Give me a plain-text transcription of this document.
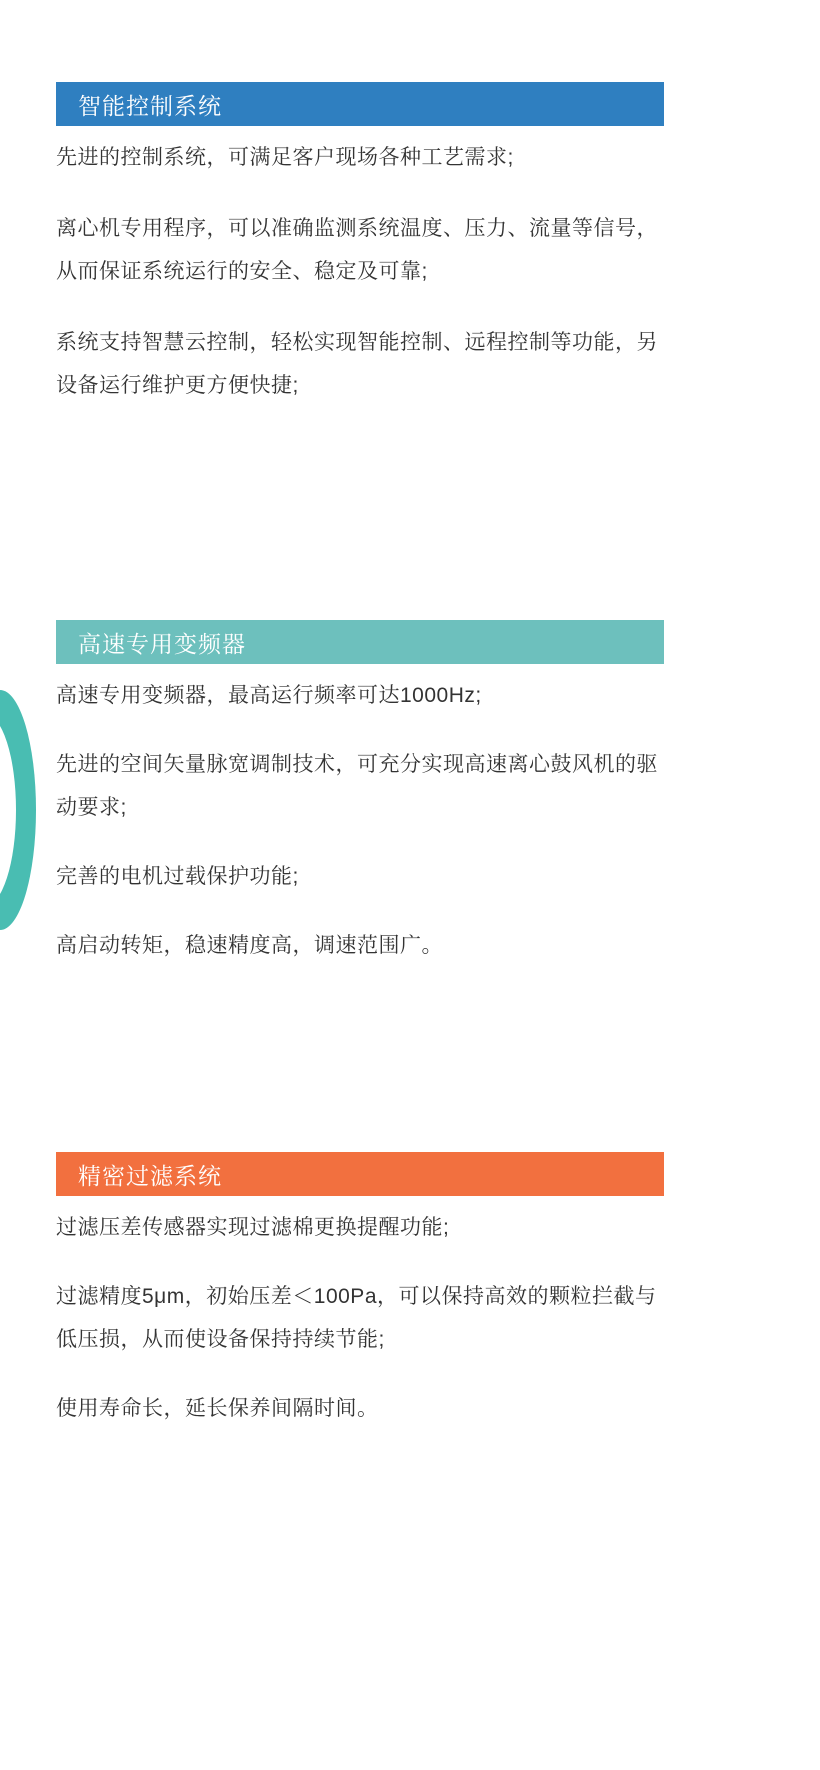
智能控制系统

先进的控制系统，可满足客户现场各种工艺需求;

离心机专用程序，可以准确监测系统温度、压力、流量等信号，从而保证系统运行的安全、稳定及可靠;

系统支持智慧云控制，轻松实现智能控制、远程控制等功能，另设备运行维护更方便快捷;

高速专用变频器

高速专用变频器，最高运行频率可达1000Hz;

先进的空间矢量脉宽调制技术，可充分实现高速离心鼓风机的驱动要求;

完善的电机过载保护功能;

高启动转矩，稳速精度高，调速范围广。

精密过滤系统

过滤压差传感器实现过滤棉更换提醒功能;

过滤精度5μm，初始压差＜100Pa，可以保持高效的颗粒拦截与低压损，从而使设备保持持续节能;

使用寿命长，延长保养间隔时间。
